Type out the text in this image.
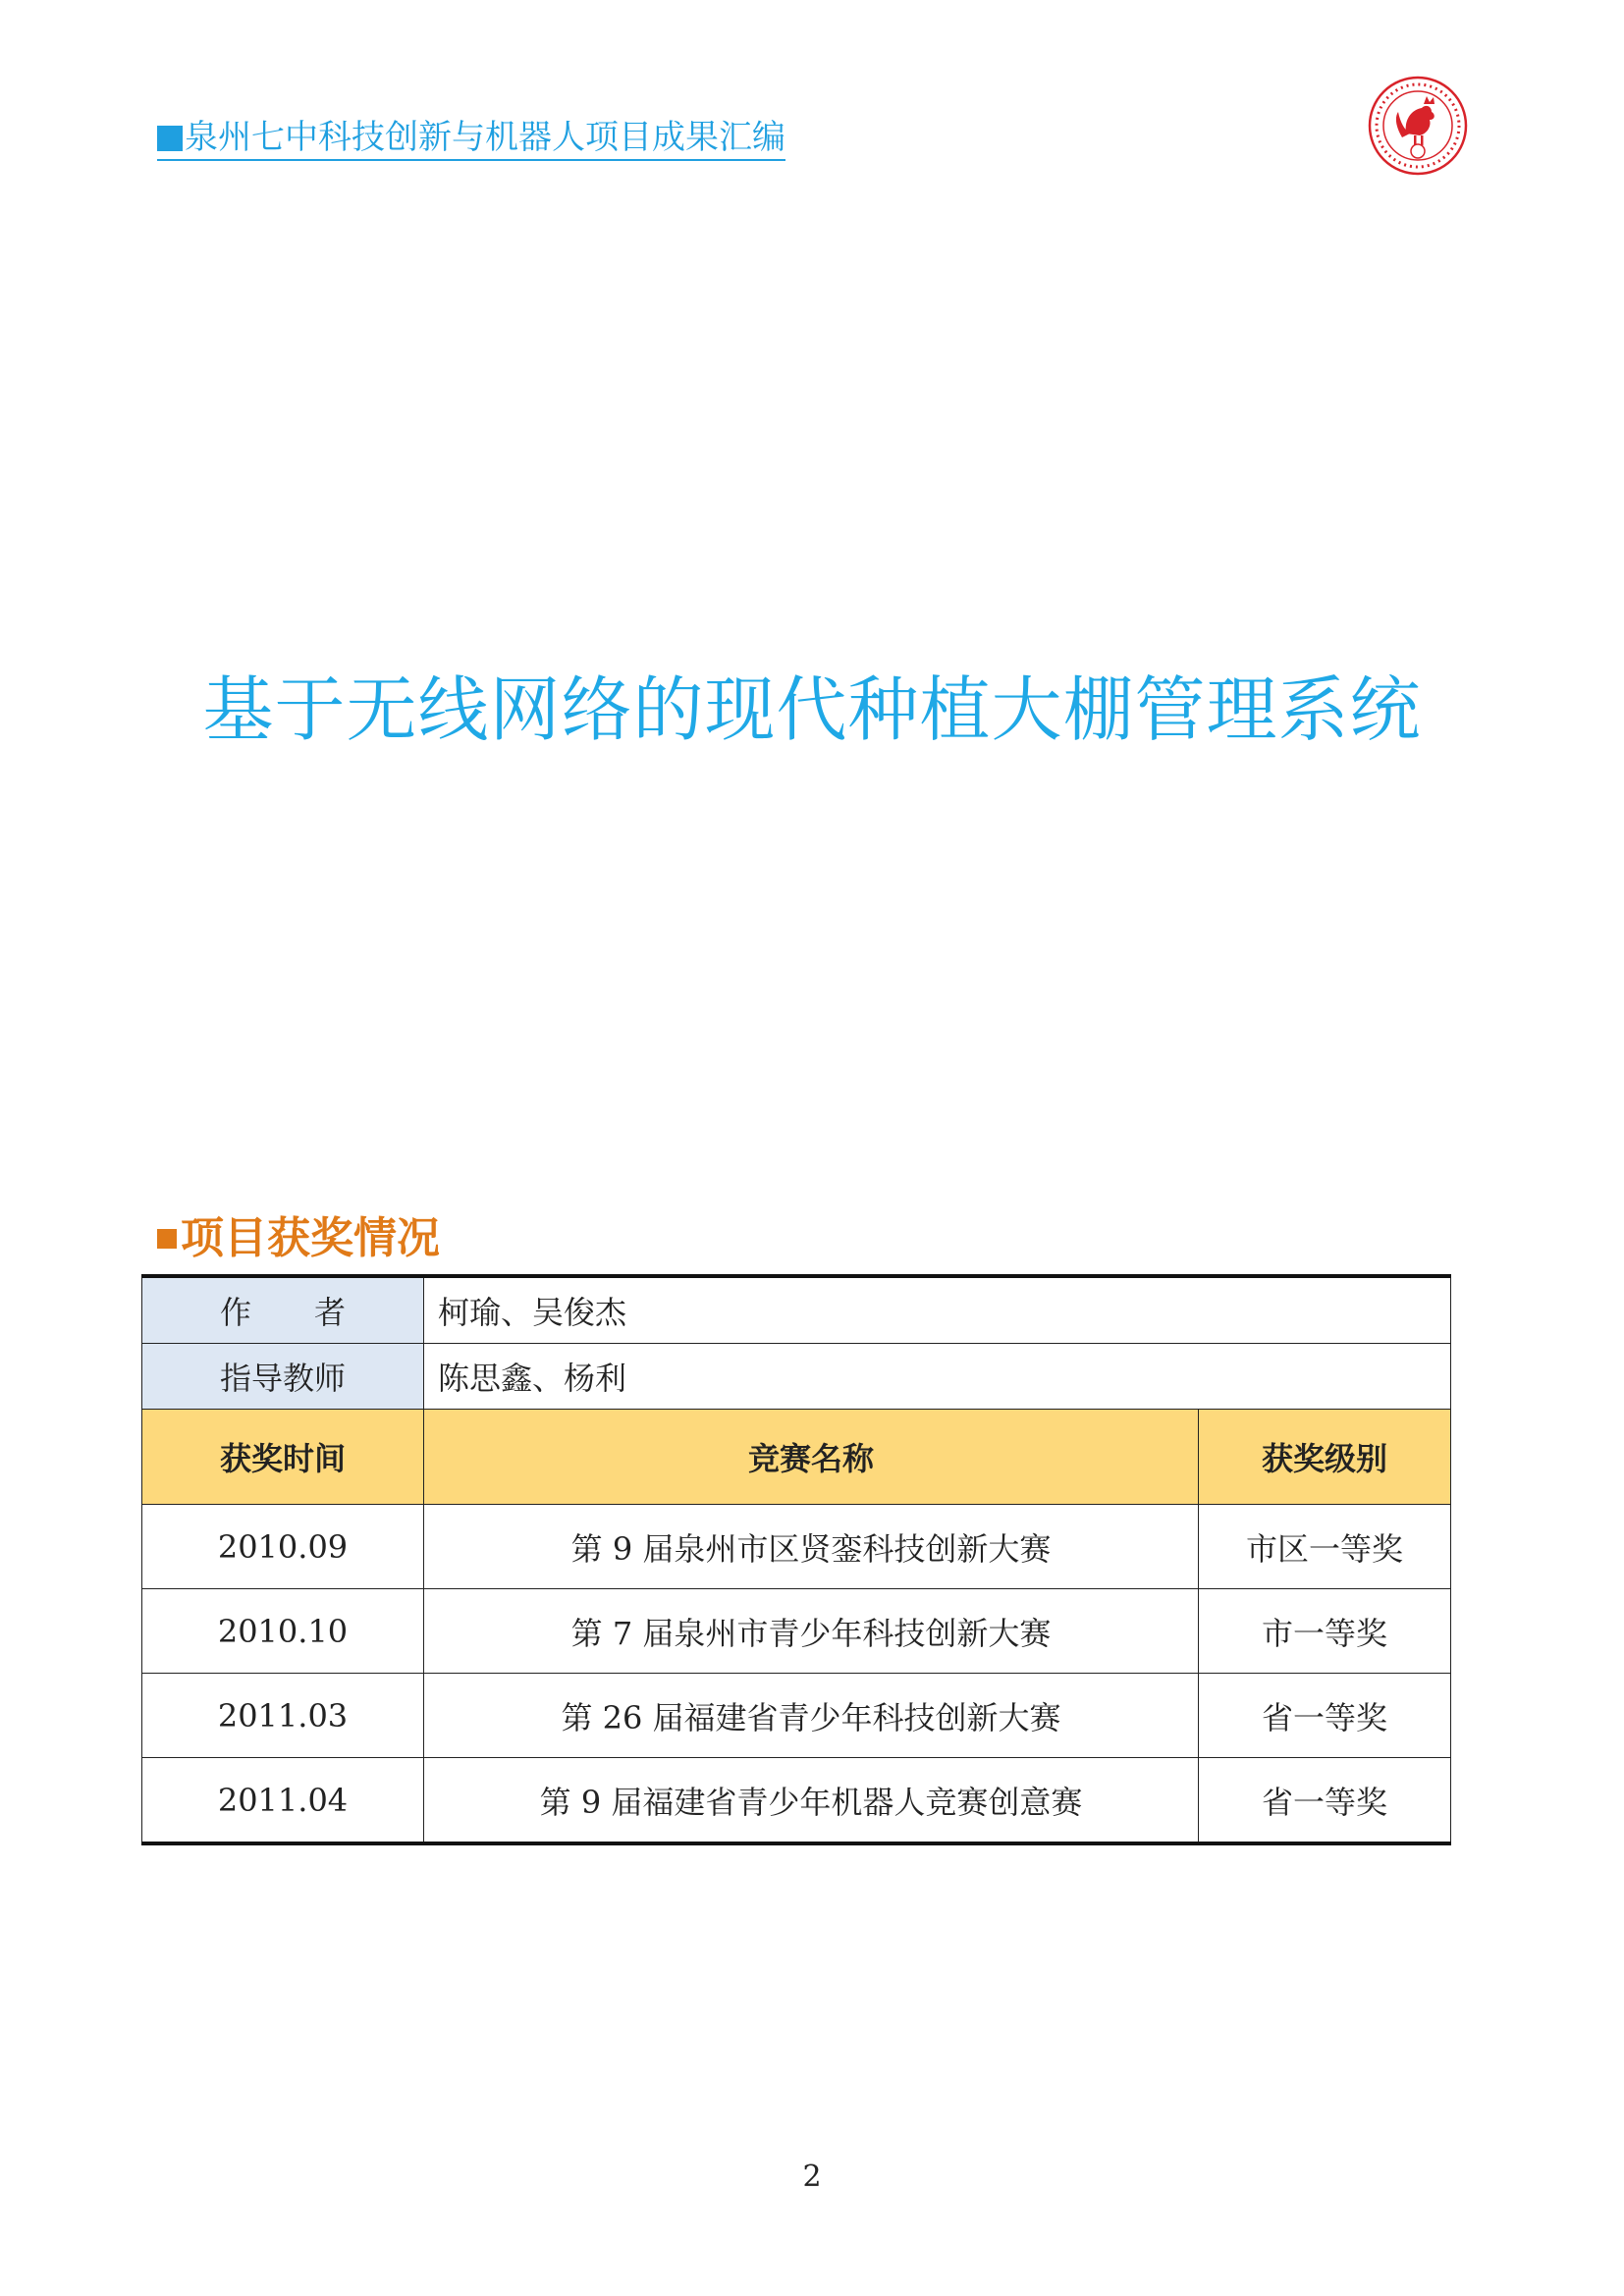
泉州七中科技创新与机器人项目成果汇编
基于无线网络的现代种植大棚管理系统
项目获奖情况
作　　者	柯瑜、吴俊杰	
指导教师	陈思鑫、杨利	
获奖时间	竞赛名称	获奖级别
2010.09	第 9 届泉州市区贤銮科技创新大赛	市区一等奖
2010.10	第 7 届泉州市青少年科技创新大赛	市一等奖
2011.03	第 26 届福建省青少年科技创新大赛	省一等奖
2011.04	第 9 届福建省青少年机器人竞赛创意赛	省一等奖
2
